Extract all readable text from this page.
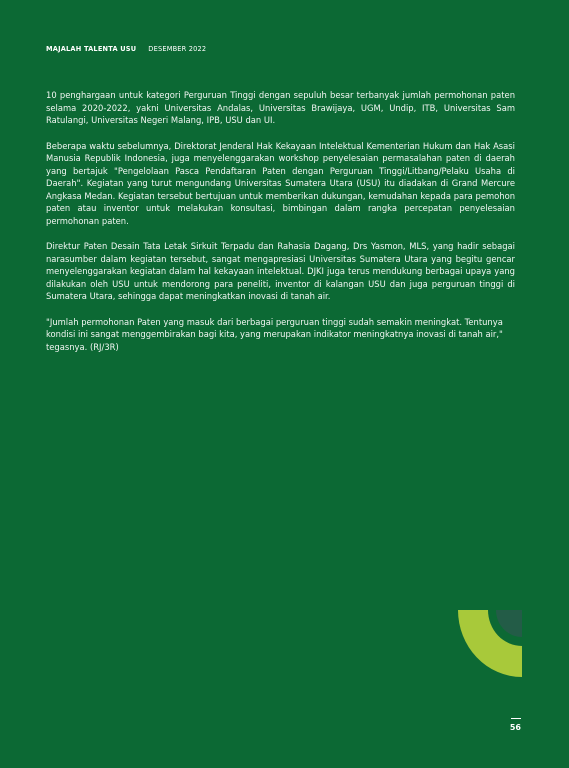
MAJALAH TALENTA USU DESEMBER 2022

10 penghargaan untuk kategori Perguruan Tinggi dengan sepuluh besar terbanyak jumlah permohonan paten selama 2020-2022, yakni Universitas Andalas, Universitas Brawijaya, UGM, Undip, ITB, Universitas Sam Ratulangi, Universitas Negeri Malang, IPB, USU dan UI.

Beberapa waktu sebelumnya, Direktorat Jenderal Hak Kekayaan Intelektual Kementerian Hukum dan Hak Asasi Manusia Republik Indonesia, juga menyelenggarakan workshop penyelesaian permasalahan paten di daerah yang bertajuk "Pengelolaan Pasca Pendaftaran Paten dengan Perguruan Tinggi/Litbang/Pelaku Usaha di Daerah". Kegiatan yang turut mengundang Universitas Sumatera Utara (USU) itu diadakan di Grand Mercure Angkasa Medan. Kegiatan tersebut bertujuan untuk memberikan dukungan, kemudahan kepada para pemohon paten atau inventor untuk melakukan konsultasi, bimbingan dalam rangka percepatan penyelesaian permohonan paten.

Direktur Paten Desain Tata Letak Sirkuit Terpadu dan Rahasia Dagang, Drs Yasmon, MLS, yang hadir sebagai narasumber dalam kegiatan tersebut, sangat mengapresiasi Universitas Sumatera Utara yang begitu gencar menyelenggarakan kegiatan dalam hal kekayaan intelektual. DJKI juga terus mendukung berbagai upaya yang dilakukan oleh USU untuk mendorong para peneliti, inventor di kalangan USU dan juga perguruan tinggi di Sumatera Utara, sehingga dapat meningkatkan inovasi di tanah air.

"Jumlah permohonan Paten yang masuk dari berbagai perguruan tinggi sudah semakin meningkat. Tentunya kondisi ini sangat menggembirakan bagi kita, yang merupakan indikator meningkatnya inovasi di tanah air," tegasnya. (RJ/3R)

56
